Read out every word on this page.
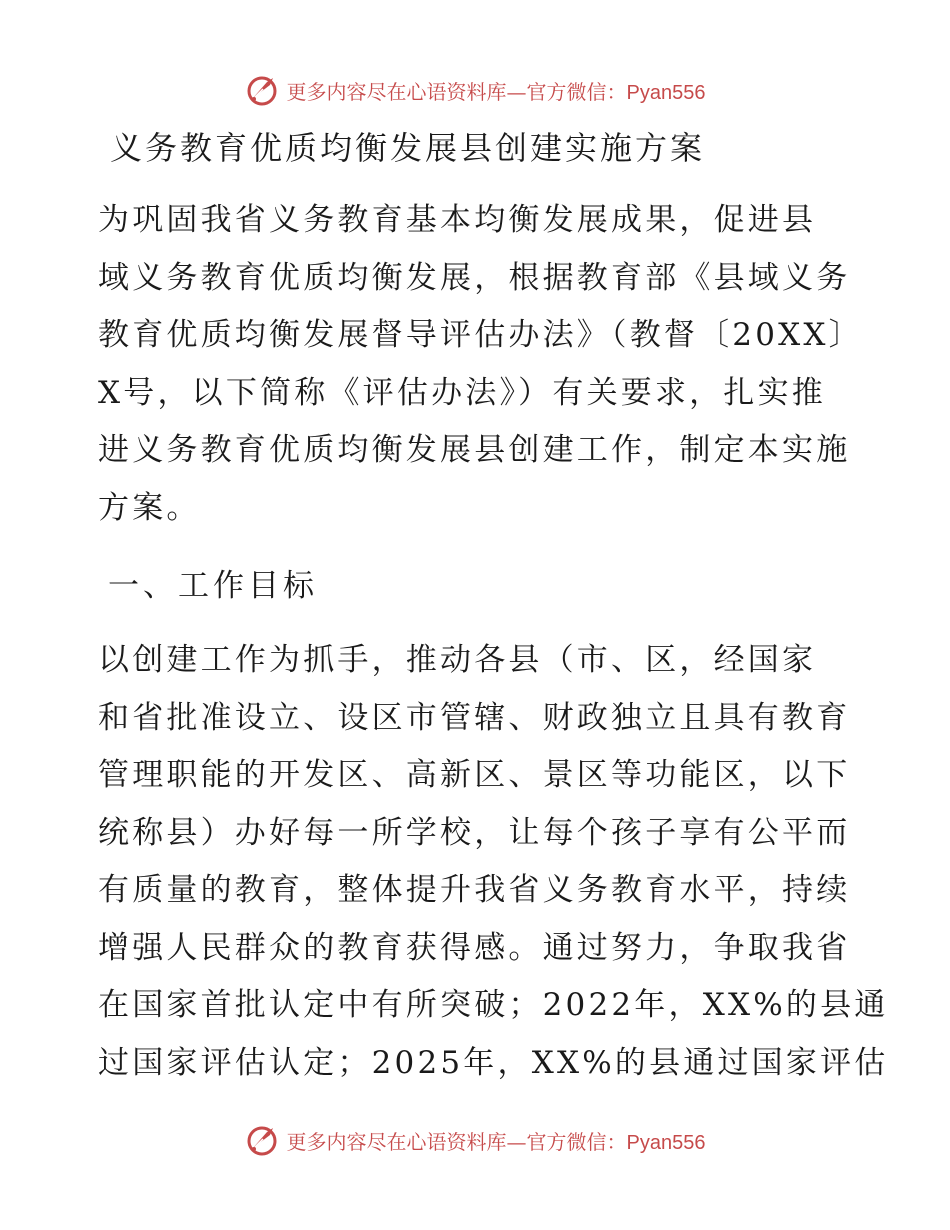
更多内容尽在心语资料库—官方微信：Pyan556
义务教育优质均衡发展县创建实施方案

为巩固我省义务教育基本均衡发展成果，促进县
域义务教育优质均衡发展，根据教育部《县域义务
教育优质均衡发展督导评估办法》（教督〔20XX〕
X号，以下简称《评估办法》）有关要求，扎实推
进义务教育优质均衡发展县创建工作，制定本实施
方案。

一、工作目标

以创建工作为抓手，推动各县（市、区，经国家
和省批准设立、设区市管辖、财政独立且具有教育
管理职能的开发区、高新区、景区等功能区，以下
统称县）办好每一所学校，让每个孩子享有公平而
有质量的教育，整体提升我省义务教育水平，持续
增强人民群众的教育获得感。通过努力，争取我省
在国家首批认定中有所突破；2022年，XX%的县通
过国家评估认定；2025年，XX%的县通过国家评估

更多内容尽在心语资料库—官方微信：Pyan556
